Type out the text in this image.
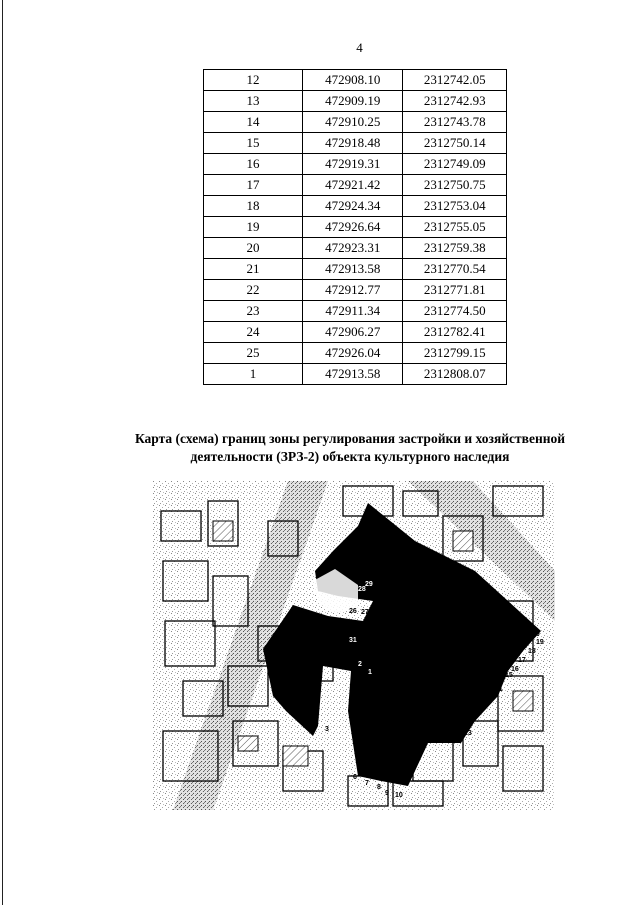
4
12	472908.10	2312742.05
13	472909.19	2312742.93
14	472910.25	2312743.78
15	472918.48	2312750.14
16	472919.31	2312749.09
17	472921.42	2312750.75
18	472924.34	2312753.04
19	472926.64	2312755.05
20	472923.31	2312759.38
21	472913.58	2312770.54
22	472912.77	2312771.81
23	472911.34	2312774.50
24	472906.27	2312782.41
25	472926.04	2312799.15
1	472913.58	2312808.07
Карта (схема) границ зоны регулирования застройки и хозяйственной
деятельности (ЗРЗ-2) объекта культурного наследия
28
29
26 27 30
31
20
19
18
17
16
15
21
12
14
13
11
2
1
6
7
8
9 10
3
4
5
